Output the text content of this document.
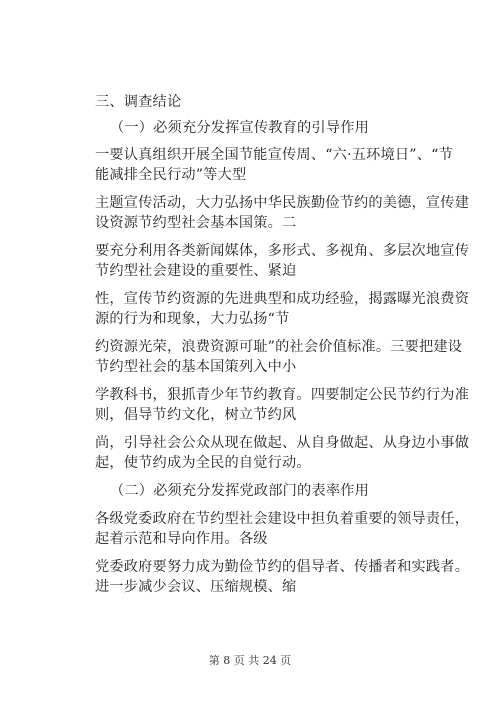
三、调查结论
（一）必须充分发挥宣传教育的引导作用
一要认真组织开展全国节能宣传周、“六·五环境日”、“节
能减排全民行动”等大型
主题宣传活动，大力弘扬中华民族勤俭节约的美德，宣传建
设资源节约型社会基本国策。二
要充分利用各类新闻媒体，多形式、多视角、多层次地宣传
节约型社会建设的重要性、紧迫
性，宣传节约资源的先进典型和成功经验，揭露曝光浪费资
源的行为和现象，大力弘扬“节
约资源光荣，浪费资源可耻”的社会价值标准。三要把建设
节约型社会的基本国策列入中小
学教科书，狠抓青少年节约教育。四要制定公民节约行为准
则，倡导节约文化，树立节约风
尚，引导社会公众从现在做起、从自身做起、从身边小事做
起，使节约成为全民的自觉行动。
（二）必须充分发挥党政部门的表率作用
各级党委政府在节约型社会建设中担负着重要的领导责任，
起着示范和导向作用。各级
党委政府要努力成为勤俭节约的倡导者、传播者和实践者。
进一步减少会议、压缩规模、缩
第 8 页 共 24 页
